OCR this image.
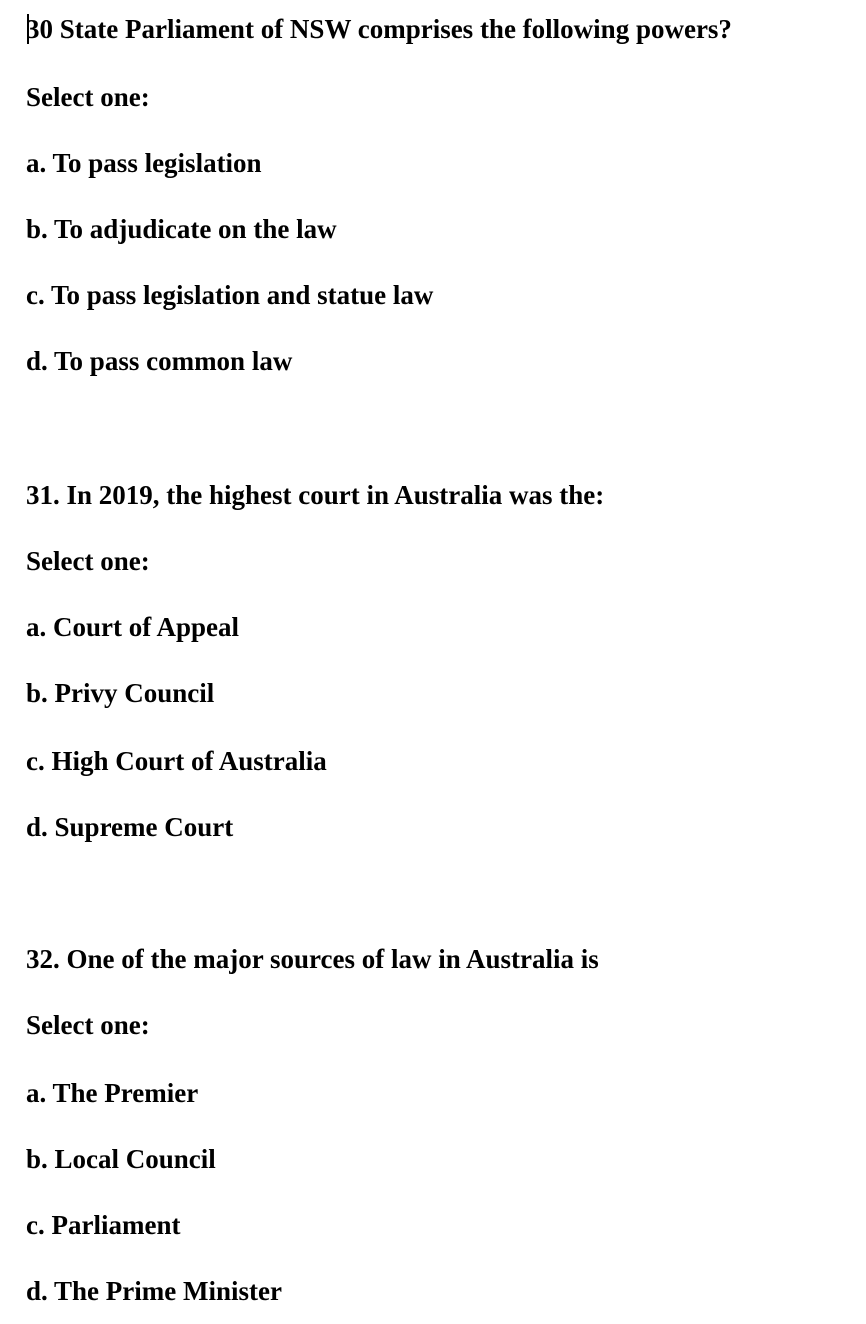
30 State Parliament of NSW comprises the following powers?
Select one:
a. To pass legislation
b. To adjudicate on the law
c. To pass legislation and statue law
d. To pass common law
31. In 2019, the highest court in Australia was the:
Select one:
a. Court of Appeal
b. Privy Council
c. High Court of Australia
d. Supreme Court
32. One of the major sources of law in Australia is
Select one:
a. The Premier
b. Local Council
c. Parliament
d. The Prime Minister
